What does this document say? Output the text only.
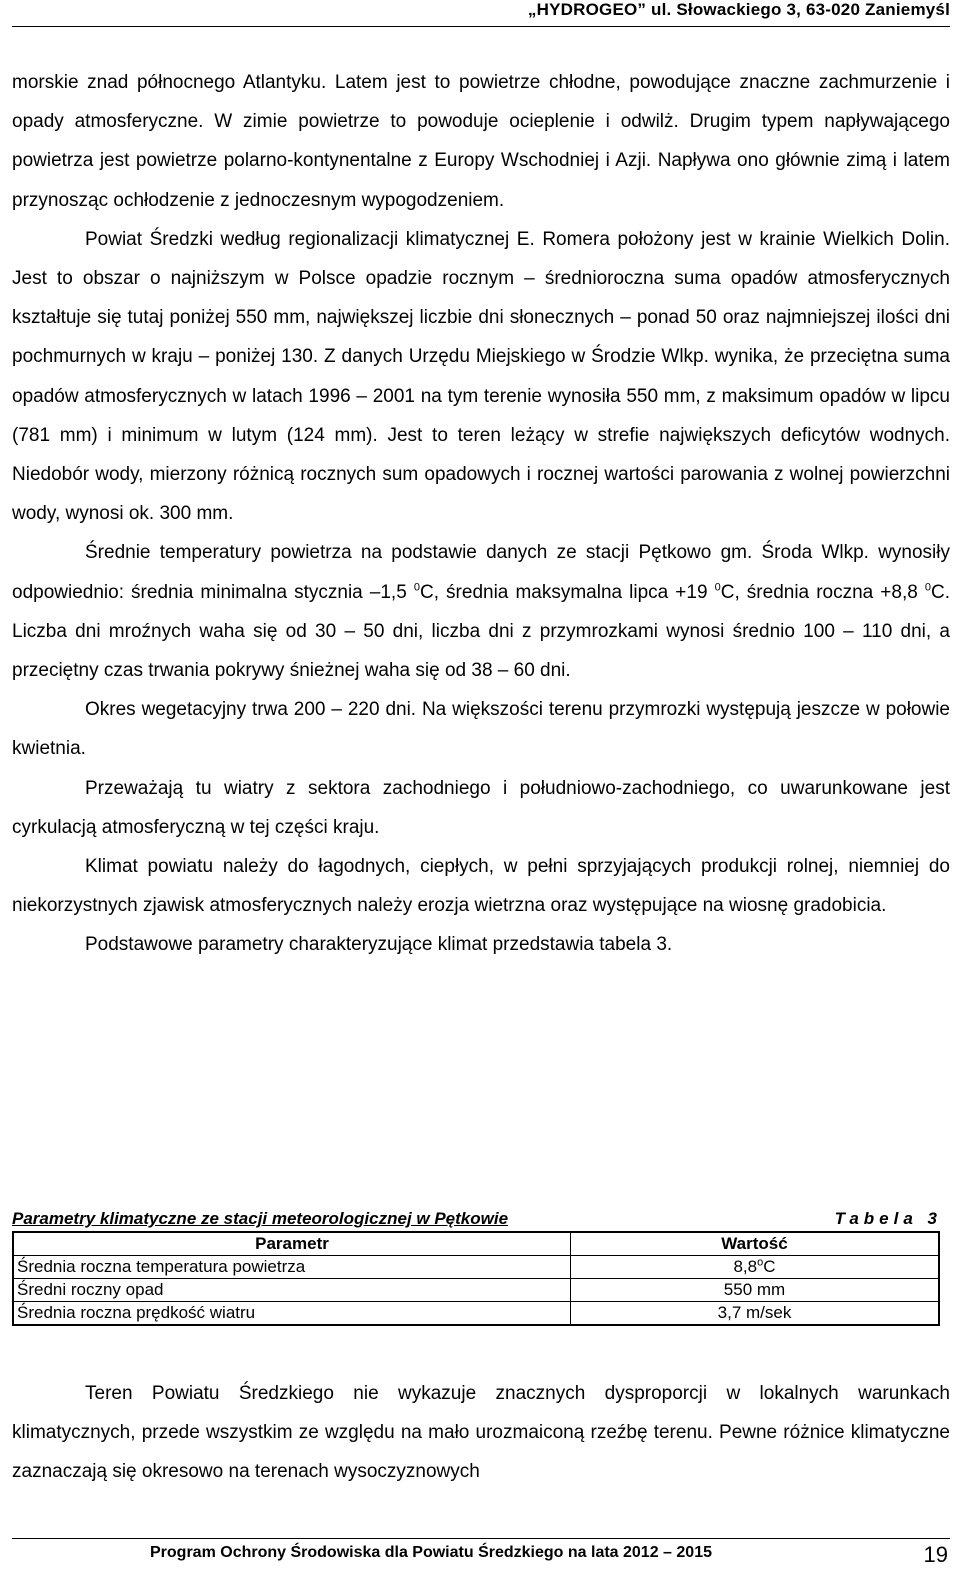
„HYDROGEO” ul. Słowackiego 3, 63-020 Zaniemyśl

morskie znad północnego Atlantyku. Latem jest to powietrze chłodne, powodujące znaczne zachmurzenie i opady atmosferyczne. W zimie powietrze to powoduje ocieplenie i odwilż. Drugim typem napływającego powietrza jest powietrze polarno-kontynentalne z Europy Wschodniej i Azji. Napływa ono głównie zimą i latem przynosząc ochłodzenie z jednoczesnym wypogodzeniem.

Powiat Średzki według regionalizacji klimatycznej E. Romera położony jest w krainie Wielkich Dolin. Jest to obszar o najniższym w Polsce opadzie rocznym – średnioroczna suma opadów atmosferycznych kształtuje się tutaj poniżej 550 mm, największej liczbie dni słonecznych – ponad 50 oraz najmniejszej ilości dni pochmurnych w kraju – poniżej 130. Z danych Urzędu Miejskiego w Środzie Wlkp. wynika, że przeciętna suma opadów atmosferycznych w latach 1996 – 2001 na tym terenie wynosiła 550 mm, z maksimum opadów w lipcu (781 mm) i minimum w lutym (124 mm). Jest to teren leżący w strefie największych deficytów wodnych. Niedobór wody, mierzony różnicą rocznych sum opadowych i rocznej wartości parowania z wolnej powierzchni wody, wynosi ok. 300 mm.

Średnie temperatury powietrza na podstawie danych ze stacji Pętkowo gm. Środa Wlkp. wynosiły odpowiednio: średnia minimalna stycznia –1,5 $^0$C, średnia maksymalna lipca +19 $^0$C, średnia roczna +8,8 $^0$C. Liczba dni mroźnych waha się od 30 – 50 dni, liczba dni z przymrozkami wynosi średnio 100 – 110 dni, a przeciętny czas trwania pokrywy śnieżnej waha się od 38 – 60 dni.

Okres wegetacyjny trwa 200 – 220 dni. Na większości terenu przymrozki występują jeszcze w połowie kwietnia.

Przeważają tu wiatry z sektora zachodniego i południowo-zachodniego, co uwarunkowane jest cyrkulacją atmosferyczną w tej części kraju.

Klimat powiatu należy do łagodnych, ciepłych, w pełni sprzyjających produkcji rolnej, niemniej do niekorzystnych zjawisk atmosferycznych należy erozja wietrzna oraz występujące na wiosnę gradobicia.

Podstawowe parametry charakteryzujące klimat przedstawia tabela 3.

Parametry klimatyczne ze stacji meteorologicznej w Pętkowie	Tabela 3
Parametr	Wartość
Średnia roczna temperatura powietrza	8,8$^o$C
Średni roczny opad	550 mm
Średnia roczna prędkość wiatru	3,7 m/sek

Teren Powiatu Średzkiego nie wykazuje znacznych dysproporcji w lokalnych warunkach klimatycznych, przede wszystkim ze względu na mało urozmaiconą rzeźbę terenu. Pewne różnice klimatyczne zaznaczają się okresowo na terenach wysoczyznowych

Program Ochrony Środowiska dla Powiatu Średzkiego na lata 2012 – 2015	19
